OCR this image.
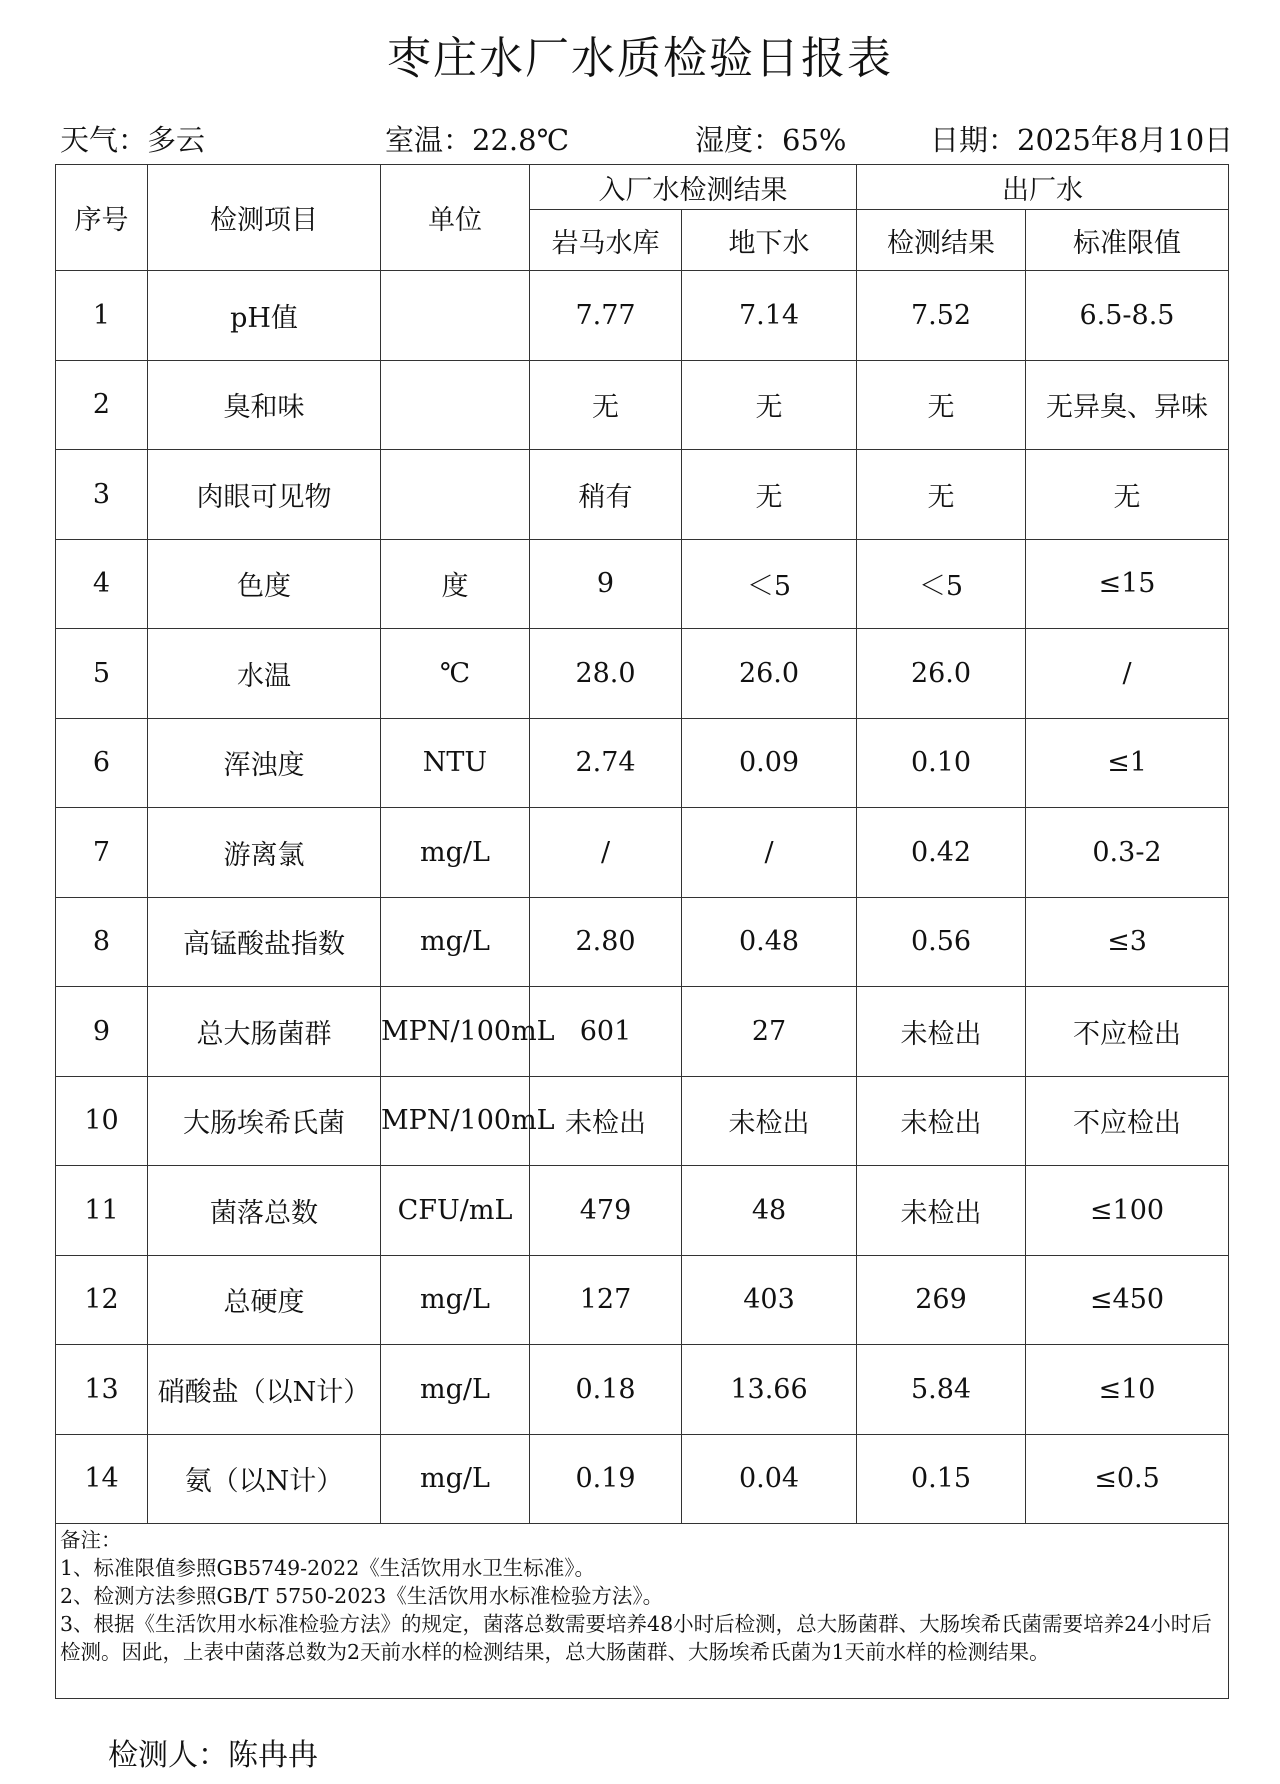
枣庄水厂水质检验日报表
天气：多云	室温：22.8℃	湿度：65%	日期：2025年8月10日
序号	检测项目	单位	入厂水检测结果		出厂水	
			岩马水库	地下水	检测结果	标准限值
1	pH值		7.77	7.14	7.52	6.5-8.5
2	臭和味		无	无	无	无异臭、异味
3	肉眼可见物		稍有	无	无	无
4	色度	度	9	＜5	＜5	≤15
5	水温	℃	28.0	26.0	26.0	/
6	浑浊度	NTU	2.74	0.09	0.10	≤1
7	游离氯	mg/L	/	/	0.42	0.3-2
8	高锰酸盐指数	mg/L	2.80	0.48	0.56	≤3
9	总大肠菌群	MPN/100mL	601	27	未检出	不应检出
10	大肠埃希氏菌	MPN/100mL	未检出	未检出	未检出	不应检出
11	菌落总数	CFU/mL	479	48	未检出	≤100
12	总硬度	mg/L	127	403	269	≤450
13	硝酸盐（以N计）	mg/L	0.18	13.66	5.84	≤10
14	氨（以N计）	mg/L	0.19	0.04	0.15	≤0.5

备注：
1、标准限值参照GB5749-2022《生活饮用水卫生标准》。
2、检测方法参照GB/T 5750-2023《生活饮用水标准检验方法》。
3、根据《生活饮用水标准检验方法》的规定，菌落总数需要培养48小时后检测，总大肠菌群、大肠埃希氏菌需要培养24小时后检测。因此，上表中菌落总数为2天前水样的检测结果，总大肠菌群、大肠埃希氏菌为1天前水样的检测结果。						
检测人：陈冉冉
